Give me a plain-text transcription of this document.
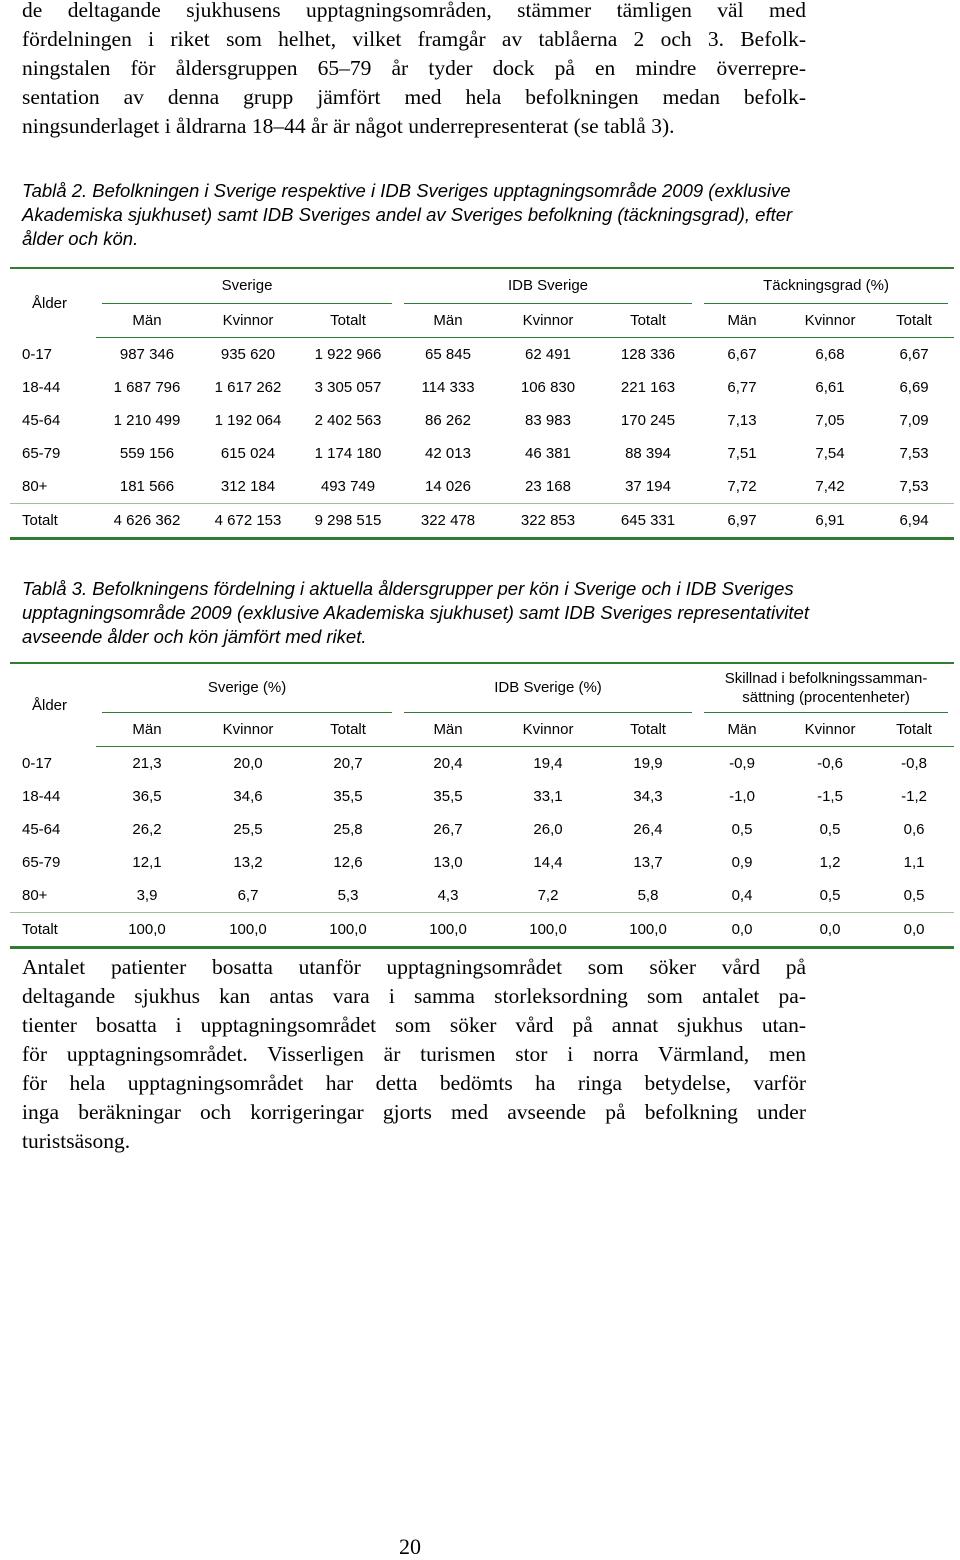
de deltagande sjukhusens upptagningsområden, stämmer tämligen väl med
fördelningen i riket som helhet, vilket framgår av tablåerna 2 och 3. Befolk-
ningstalen för åldersgruppen 65–79 år tyder dock på en mindre överrepre-
sentation av denna grupp jämfört med hela befolkningen medan befolk-
ningsunderlaget i åldrarna 18–44 år är något underrepresenterat (se tablå 3).
Tablå 2. Befolkningen i Sverige respektive i IDB Sveriges upptagningsområde 2009 (exklusive
Akademiska sjukhuset) samt IDB Sveriges andel av Sveriges befolkning (täckningsgrad), efter
ålder och kön.
Ålder	Sverige			IDB Sverige			Täckningsgrad (%)		

	Män	Kvinnor	Totalt	Män	Kvinnor	Totalt	Män	Kvinnor	Totalt
0-17	987 346	935 620	1 922 966	65 845	62 491	128 336	6,67	6,68	6,67
18-44	1 687 796	1 617 262	3 305 057	114 333	106 830	221 163	6,77	6,61	6,69
45-64	1 210 499	1 192 064	2 402 563	86 262	83 983	170 245	7,13	7,05	7,09
65-79	559 156	615 024	1 174 180	42 013	46 381	88 394	7,51	7,54	7,53
80+	181 566	312 184	493 749	14 026	23 168	37 194	7,72	7,42	7,53
Totalt	4 626 362	4 672 153	9 298 515	322 478	322 853	645 331	6,97	6,91	6,94
Tablå 3. Befolkningens fördelning i aktuella åldersgrupper per kön i Sverige och i IDB Sveriges
upptagningsområde 2009 (exklusive Akademiska sjukhuset) samt IDB Sveriges representativitet
avseende ålder och kön jämfört med riket.
Ålder	Sverige (%)			IDB Sverige (%)			Skillnad i befolkningssamman-
sättning (procentenheter)		

	Män	Kvinnor	Totalt	Män	Kvinnor	Totalt	Män	Kvinnor	Totalt
0-17	21,3	20,0	20,7	20,4	19,4	19,9	-0,9	-0,6	-0,8
18-44	36,5	34,6	35,5	35,5	33,1	34,3	-1,0	-1,5	-1,2
45-64	26,2	25,5	25,8	26,7	26,0	26,4	0,5	0,5	0,6
65-79	12,1	13,2	12,6	13,0	14,4	13,7	0,9	1,2	1,1
80+	3,9	6,7	5,3	4,3	7,2	5,8	0,4	0,5	0,5
Totalt	100,0	100,0	100,0	100,0	100,0	100,0	0,0	0,0	0,0
Antalet patienter bosatta utanför upptagningsområdet som söker vård på
deltagande sjukhus kan antas vara i samma storleksordning som antalet pa-
tienter bosatta i upptagningsområdet som söker vård på annat sjukhus utan-
för upptagningsområdet. Visserligen är turismen stor i norra Värmland, men
för hela upptagningsområdet har detta bedömts ha ringa betydelse, varför
inga beräkningar och korrigeringar gjorts med avseende på befolkning under
turistsäsong.
20
